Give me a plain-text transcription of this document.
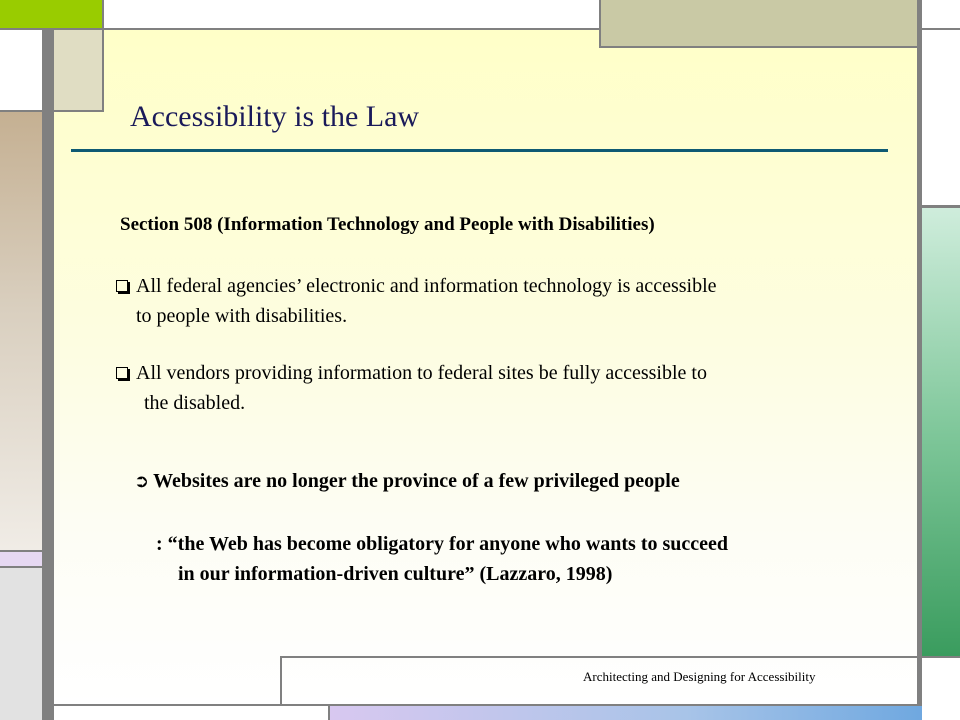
Accessibility is the Law
Section 508 (Information Technology and People with Disabilities)
All federal agencies’ electronic and information technology is accessible
to people with disabilities.
All vendors providing information to federal sites be fully accessible to
the disabled.
➲ Websites are no longer the province of a few privileged people
: “the Web has become obligatory for anyone who wants to succeed
in our information-driven culture” (Lazzaro, 1998)
Architecting and Designing for Accessibility
